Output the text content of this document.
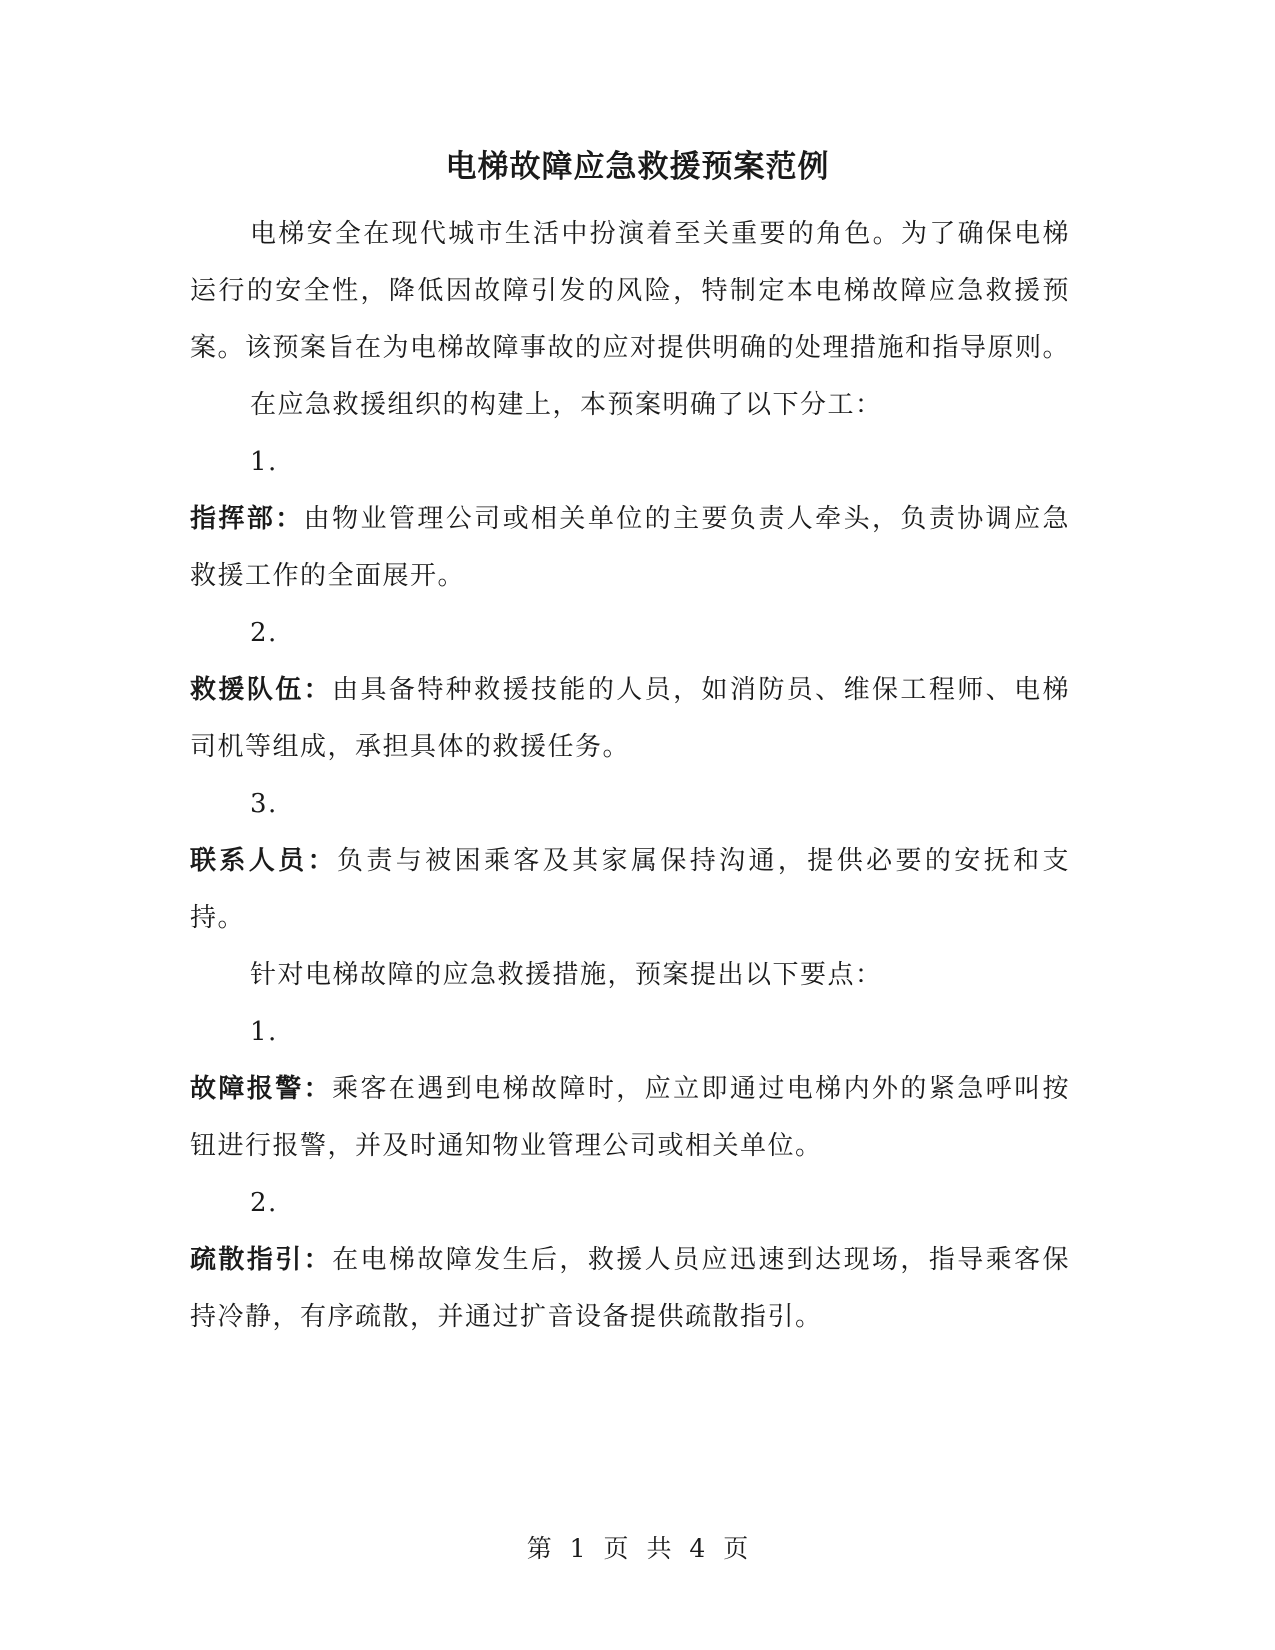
电梯故障应急救援预案范例

电梯安全在现代城市生活中扮演着至关重要的角色。为了确保电梯运行的安全性，降低因故障引发的风险，特制定本电梯故障应急救援预案。该预案旨在为电梯故障事故的应对提供明确的处理措施和指导原则。

在应急救援组织的构建上，本预案明确了以下分工：

1.

指挥部：由物业管理公司或相关单位的主要负责人牵头，负责协调应急救援工作的全面展开。

2.

救援队伍：由具备特种救援技能的人员，如消防员、维保工程师、电梯司机等组成，承担具体的救援任务。

3.

联系人员：负责与被困乘客及其家属保持沟通，提供必要的安抚和支持。

针对电梯故障的应急救援措施，预案提出以下要点：

1.

故障报警：乘客在遇到电梯故障时，应立即通过电梯内外的紧急呼叫按钮进行报警，并及时通知物业管理公司或相关单位。

2.

疏散指引：在电梯故障发生后，救援人员应迅速到达现场，指导乘客保持冷静，有序疏散，并通过扩音设备提供疏散指引。

第 1 页 共 4 页
